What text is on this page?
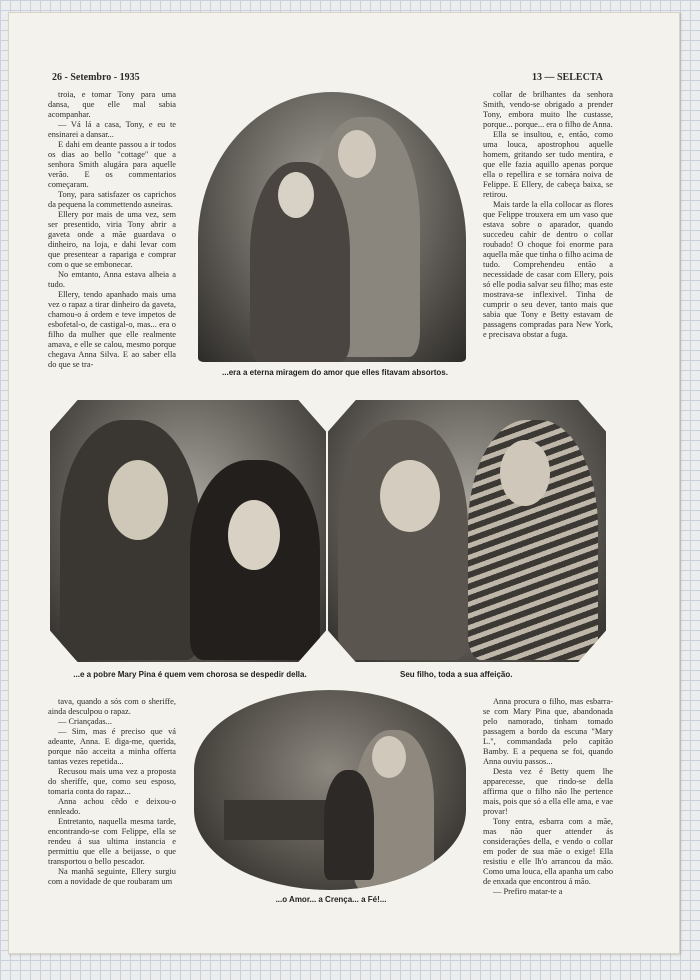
26 - Setembro - 1935	13 — SELECTA

troia, e tomar Tony para uma dansa, que elle mal sabia acompanhar.

— Vá lá a casa, Tony, e eu te ensinarei a dansar...

E dahi em deante passou a ir todos os dias ao bello "cottage" que a senhora Smith alugára para aquelle verão. E os commentarios começaram.

Tony, para satisfazer os caprichos da pequena la commettendo asneiras.

Ellery por mais de uma vez, sem ser presentido, viria Tony abrir a gaveta onde a mãe guardava o dinheiro, na loja, e dahi levar com que presentear a rapariga e comprar com o que se embonecar.

No emtanto, Anna estava alheia a tudo.

Ellery, tendo apanhado mais uma vez o rapaz a tirar dinheiro da gaveta, chamou-o á ordem e teve impetos de esbofetal-o, de castigal-o, mas... era o filho da mulher que elle realmente amava, e elle se calou, mesmo porque chegava Anna Silva. E ao saber ella do que se tra-

collar de brilhantes da senhora Smith, vendo-se obrigado a prender Tony, embora muito lhe custasse, porque... porque... era o filho de Anna.

Ella se insultou, e, então, como uma louca, apostrophou aquelle homem, gritando ser tudo mentira, e que elle fazia aquillo apenas porque ella o repellira e se tornára noiva de Felippe. E Ellery, de cabeça baixa, se retirou.

Mais tarde la ella collocar as flores que Felippe trouxera em um vaso que estava sobre o aparador, quando succedeu cahir de dentro o collar roubado! O choque foi enorme para aquella mãe que tinha o filho acima de tudo. Comprehendeu então a necessidade de casar com Ellery, pois só elle podia salvar seu filho; mas este mostrava-se inflexivel. Tinha de cumprir o seu dever, tanto mais que sabia que Tony e Betty estavam de passagens compradas para New York, e precisava obstar a fuga.

...era a eterna miragem do amor que elles fitavam absortos.
...e a pobre Mary Pina é quem vem chorosa se despedir della.	Seu filho, toda a sua affeição.

tava, quando a sós com o sheriffe, ainda desculpou o rapaz.

— Criançadas...

— Sim, mas é preciso que vá adeante, Anna. E diga-me, querida, porque não acceita a minha offerta tantas vezes repetida...

Recusou mais uma vez a proposta do sheriffe, que, como seu esposo, tomaria conta do rapaz...

Anna achou cêdo e deixou-o ennleado.

Entretanto, naquella mesma tarde, encontrando-se com Felippe, ella se rendeu á sua ultima instancia e permittiu que elle a beijasse, o que transportou o bello pescador.

Na manhã seguinte, Ellery surgiu com a novidade de que roubaram um

Anna procura o filho, mas esbarra-se com Mary Pina que, abandonada pelo namorado, tinham tomado passagem a bordo da escuna "Mary L.", commandada pelo capitão Bamby. E a pequena se foi, quando Anna ouviu passos...

Desta vez é Betty quem lhe apparecesse, que rindo-se della affirma que o filho não lhe pertence mais, pois que só a ella elle ama, e vae provar!

Tony entra, esbarra com a mãe, mas não quer attender ás considerações della, e vendo o collar em poder de sua mãe o exige! Ella resistiu e elle lh'o arrancou da mão. Como uma louca, ella apanha um cabo de enxada que encontrou á mão.

— Prefiro matar-te a

...o Amor... a Crença... a Fé!...
